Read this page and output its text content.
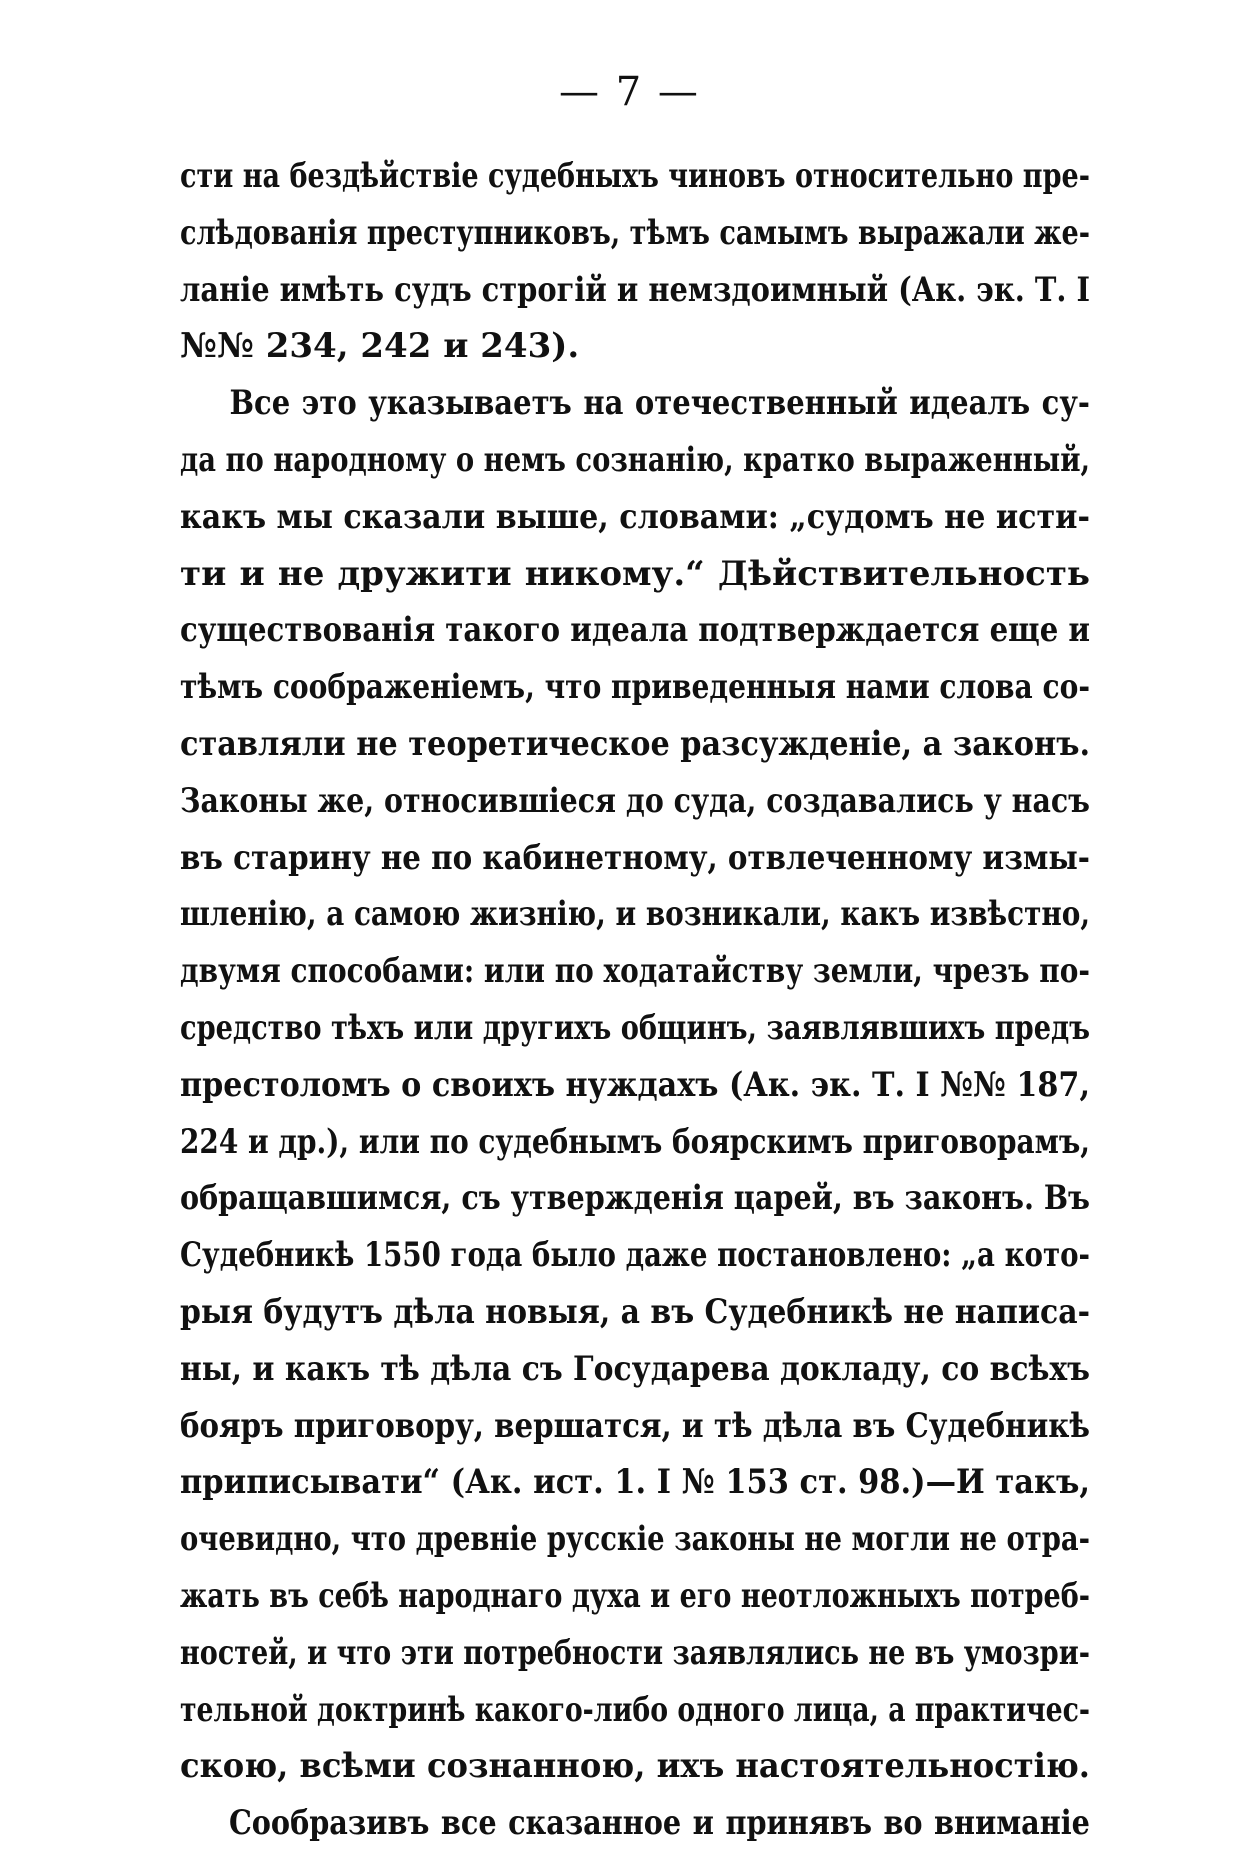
— 7 —
сти на бездѣйствіе судебныхъ чиновъ относительно пре-
слѣдованія преступниковъ, тѣмъ самымъ выражали же-
ланіе имѣть судъ строгій и немздоимный (Ак. эк. Т. I
№№ 234, 242 и 243).
Все это указываетъ на отечественный идеалъ су-
да по народному о немъ сознанію, кратко выраженный,
какъ мы сказали выше, словами: „судомъ не исти-
ти и не дружити никому.“ Дѣйствительность
существованія такого идеала подтверждается еще и
тѣмъ соображеніемъ, что приведенныя нами слова со-
ставляли не теоретическое разсужденіе, а законъ.
Законы же, относившіеся до суда, создавались у насъ
въ старину не по кабинетному, отвлеченному измы-
шленію, а самою жизнію, и возникали, какъ извѣстно,
двумя способами: или по ходатайству земли, чрезъ по-
средство тѣхъ или другихъ общинъ, заявлявшихъ предъ
престоломъ о своихъ нуждахъ (Ак. эк. Т. I №№ 187,
224 и др.), или по судебнымъ боярскимъ приговорамъ,
обращавшимся, съ утвержденія царей, въ законъ. Въ
Судебникѣ 1550 года было даже постановлено: „а кото-
рыя будутъ дѣла новыя, а въ Судебникѣ не написа-
ны, и какъ тѣ дѣла съ Государева докладу, со всѣхъ
бояръ приговору, вершатся, и тѣ дѣла въ Судебникѣ
приписывати“ (Ак. ист. 1. I № 153 ст. 98.)—И такъ,
очевидно, что древніе русскіе законы не могли не отра-
жать въ себѣ народнаго духа и его неотложныхъ потреб-
ностей, и что эти потребности заявлялись не въ умозри-
тельной доктринѣ какого-либо одного лица, а практичес-
скою, всѣми сознанною, ихъ настоятельностію.
Сообразивъ все сказанное и принявъ во вниманіе
